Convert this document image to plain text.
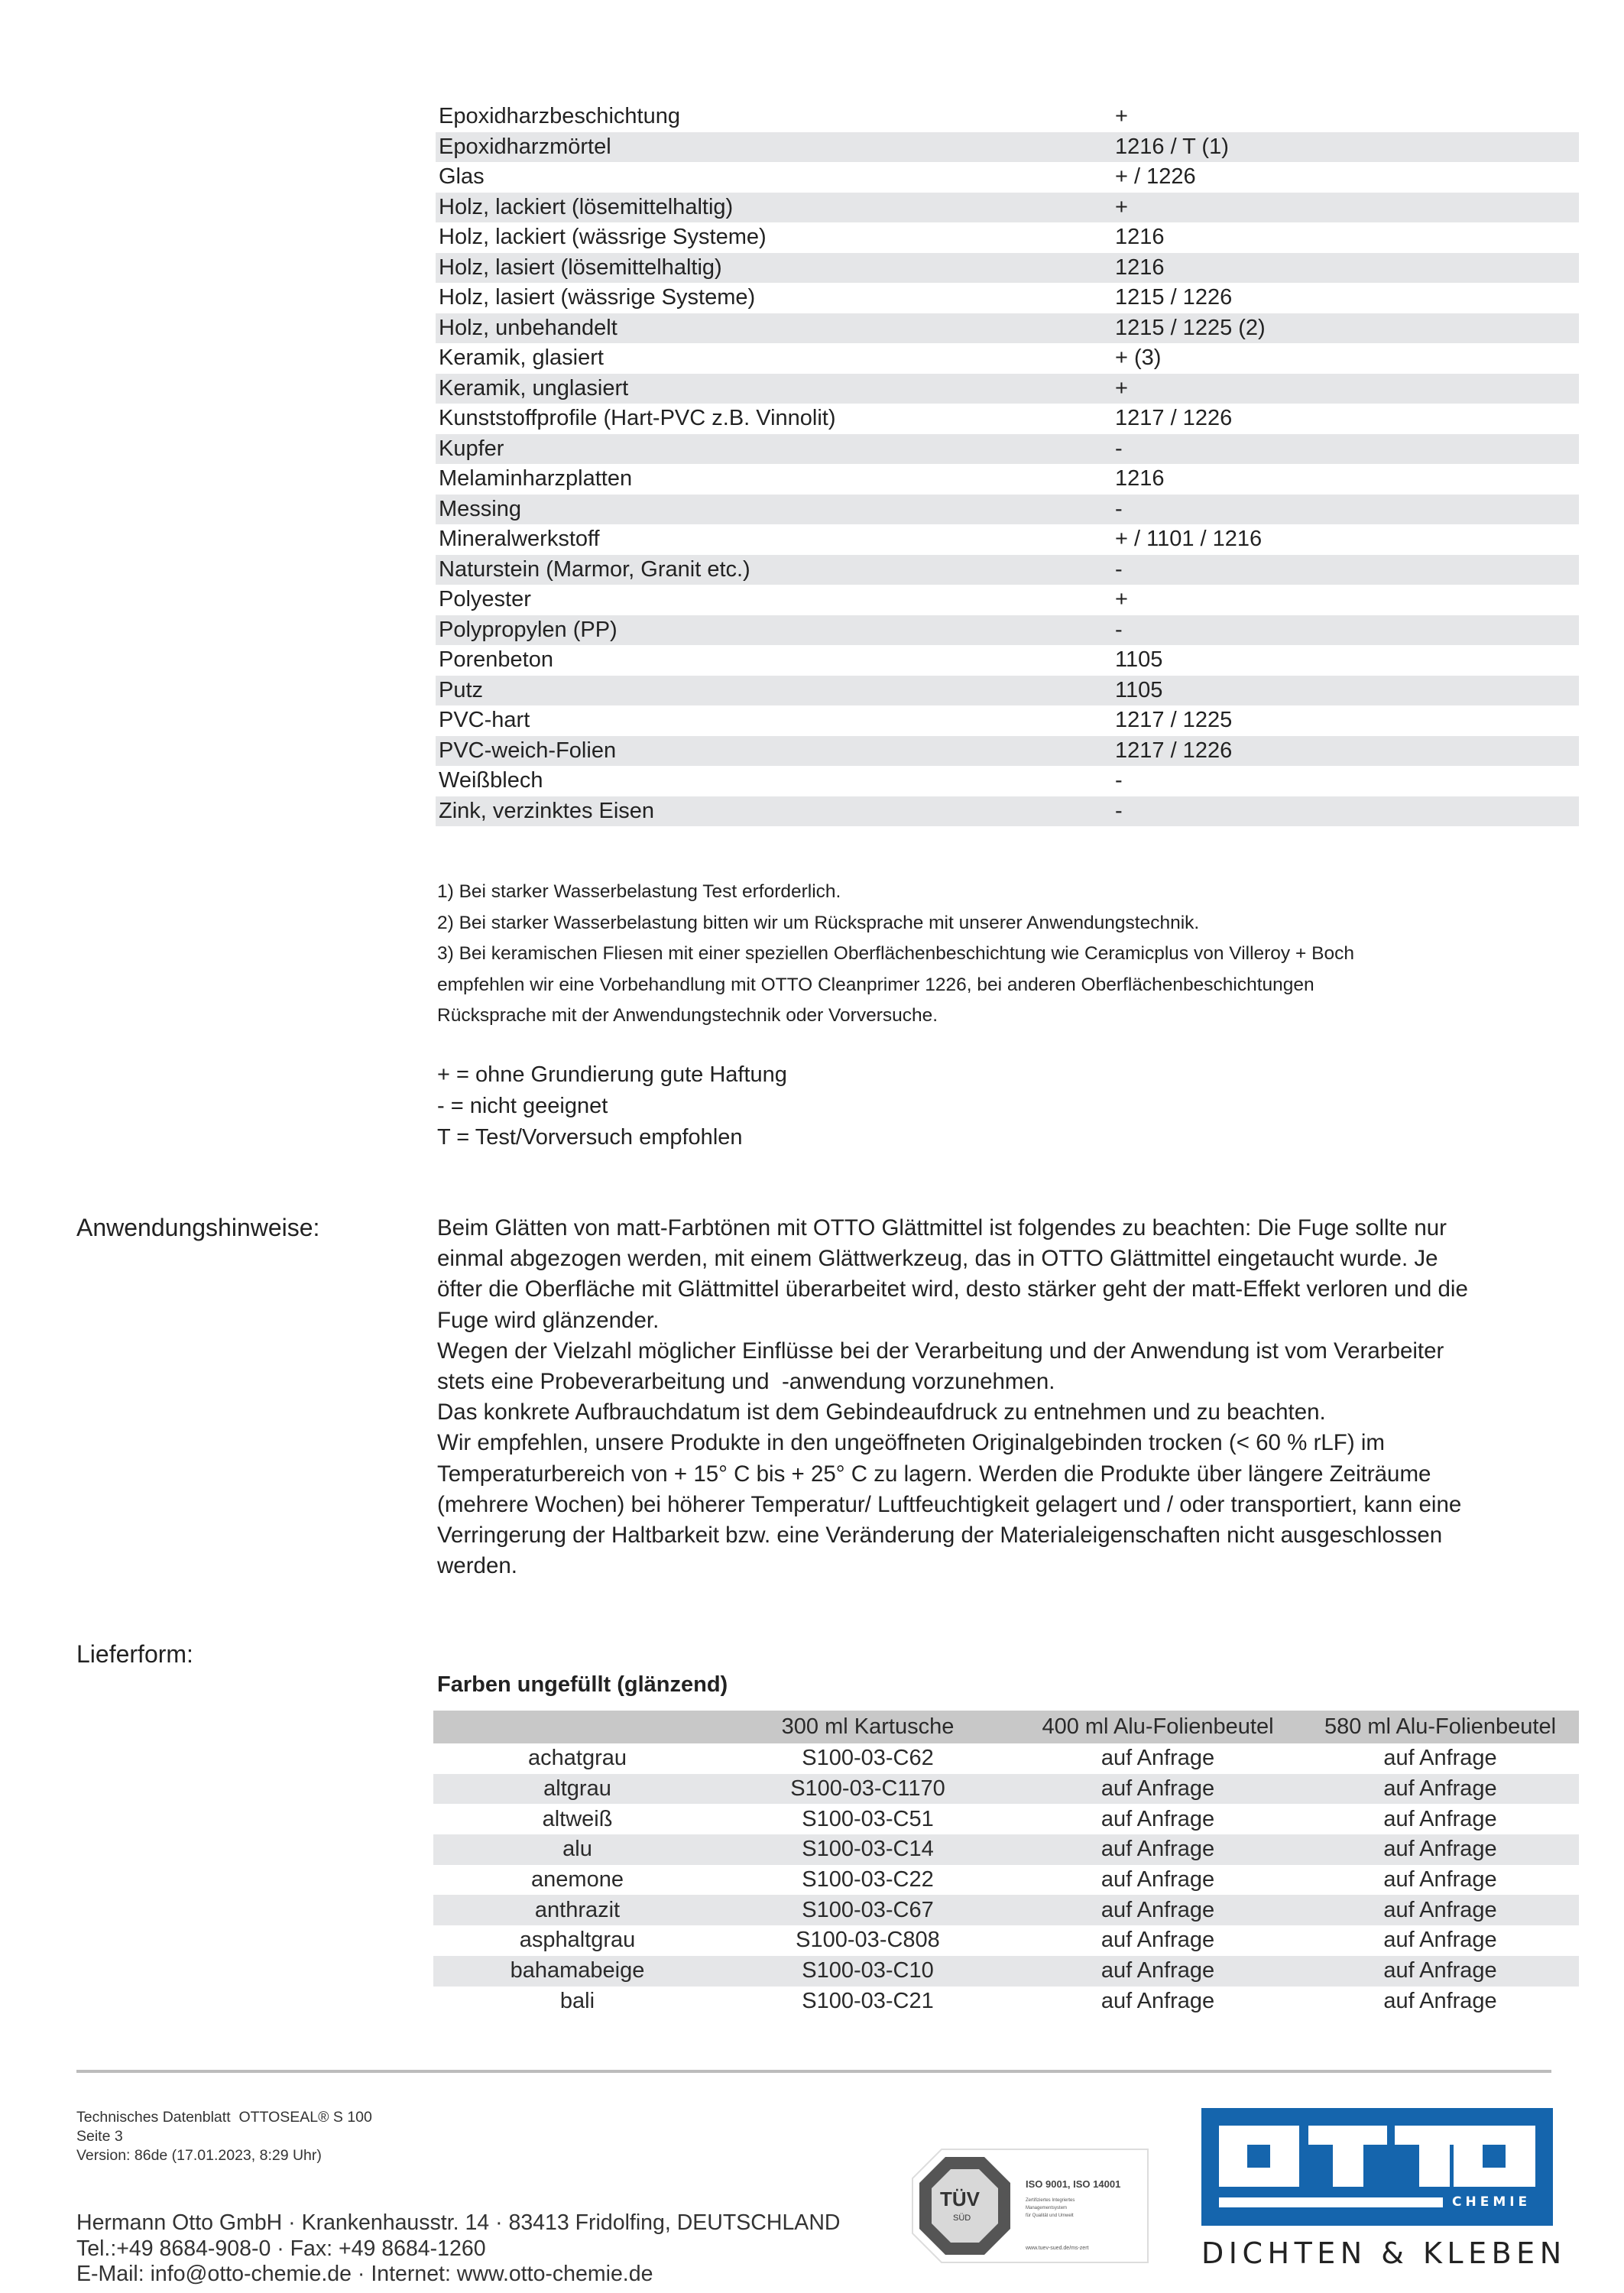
Epoxidharzbeschichtung	+
Epoxidharzmörtel	1216 / T (1)
Glas	+ / 1226
Holz, lackiert (lösemittelhaltig)	+
Holz, lackiert (wässrige Systeme)	1216
Holz, lasiert (lösemittelhaltig)	1216
Holz, lasiert (wässrige Systeme)	1215 / 1226
Holz, unbehandelt	1215 / 1225 (2)
Keramik, glasiert	+ (3)
Keramik, unglasiert	+
Kunststoffprofile (Hart-PVC z.B. Vinnolit)	1217 / 1226
Kupfer	-
Melaminharzplatten	1216
Messing	-
Mineralwerkstoff	+ / 1101 / 1216
Naturstein (Marmor, Granit etc.)	-
Polyester	+
Polypropylen (PP)	-
Porenbeton	1105
Putz	1105
PVC-hart	1217 / 1225
PVC-weich-Folien	1217 / 1226
Weißblech	-
Zink, verzinktes Eisen	-
1) Bei starker Wasserbelastung Test erforderlich.
2) Bei starker Wasserbelastung bitten wir um Rücksprache mit unserer Anwendungstechnik.
3) Bei keramischen Fliesen mit einer speziellen Oberflächenbeschichtung wie Ceramicplus von Villeroy + Boch
empfehlen wir eine Vorbehandlung mit OTTO Cleanprimer 1226, bei anderen Oberflächenbeschichtungen
Rücksprache mit der Anwendungstechnik oder Vorversuche.
+ = ohne Grundierung gute Haftung
- = nicht geeignet
T = Test/Vorversuch empfohlen
Anwendungshinweise:	Beim Glätten von matt-Farbtönen mit OTTO Glättmittel ist folgendes zu beachten: Die Fuge sollte nur

einmal abgezogen werden, mit einem Glättwerkzeug, das in OTTO Glättmittel eingetaucht wurde. Je

öfter die Oberfläche mit Glättmittel überarbeitet wird, desto stärker geht der matt-Effekt verloren und die

Fuge wird glänzender.

Wegen der Vielzahl möglicher Einflüsse bei der Verarbeitung und der Anwendung ist vom Verarbeiter

stets eine Probeverarbeitung und  -anwendung vorzunehmen.

Das konkrete Aufbrauchdatum ist dem Gebindeaufdruck zu entnehmen und zu beachten.

Wir empfehlen, unsere Produkte in den ungeöffneten Originalgebinden trocken (< 60 % rLF) im

Temperaturbereich von + 15° C bis + 25° C zu lagern. Werden die Produkte über längere Zeiträume

(mehrere Wochen) bei höherer Temperatur/ Luftfeuchtigkeit gelagert und / oder transportiert, kann eine

Verringerung der Haltbarkeit bzw. eine Veränderung der Materialeigenschaften nicht ausgeschlossen

werden.

Lieferform:
Farben ungefüllt (glänzend)
	300 ml Kartusche	400 ml Alu-Folienbeutel	580 ml Alu-Folienbeutel
achatgrau	S100-03-C62	auf Anfrage	auf Anfrage
altgrau	S100-03-C1170	auf Anfrage	auf Anfrage
altweiß	S100-03-C51	auf Anfrage	auf Anfrage
alu	S100-03-C14	auf Anfrage	auf Anfrage
anemone	S100-03-C22	auf Anfrage	auf Anfrage
anthrazit	S100-03-C67	auf Anfrage	auf Anfrage
asphaltgrau	S100-03-C808	auf Anfrage	auf Anfrage
bahamabeige	S100-03-C10	auf Anfrage	auf Anfrage
bali	S100-03-C21	auf Anfrage	auf Anfrage
Technisches Datenblatt  OTTOSEAL® S 100
Seite 3
Version: 86de (17.01.2023, 8:29 Uhr)
Hermann Otto GmbH · Krankenhausstr. 14 · 83413 Fridolfing, DEUTSCHLAND
Tel.:+49 8684-908-0 · Fax: +49 8684-1260
E-Mail: info@otto-chemie.de · Internet: www.otto-chemie.de
TÜV
SÜD
ISO 9001, ISO 14001
Zertifiziertes Integriertes
Managementsystem
für Qualität und Umwelt
www.tuev-sued.de/ms-zert
CHEMIE
DICHTEN & KLEBEN
